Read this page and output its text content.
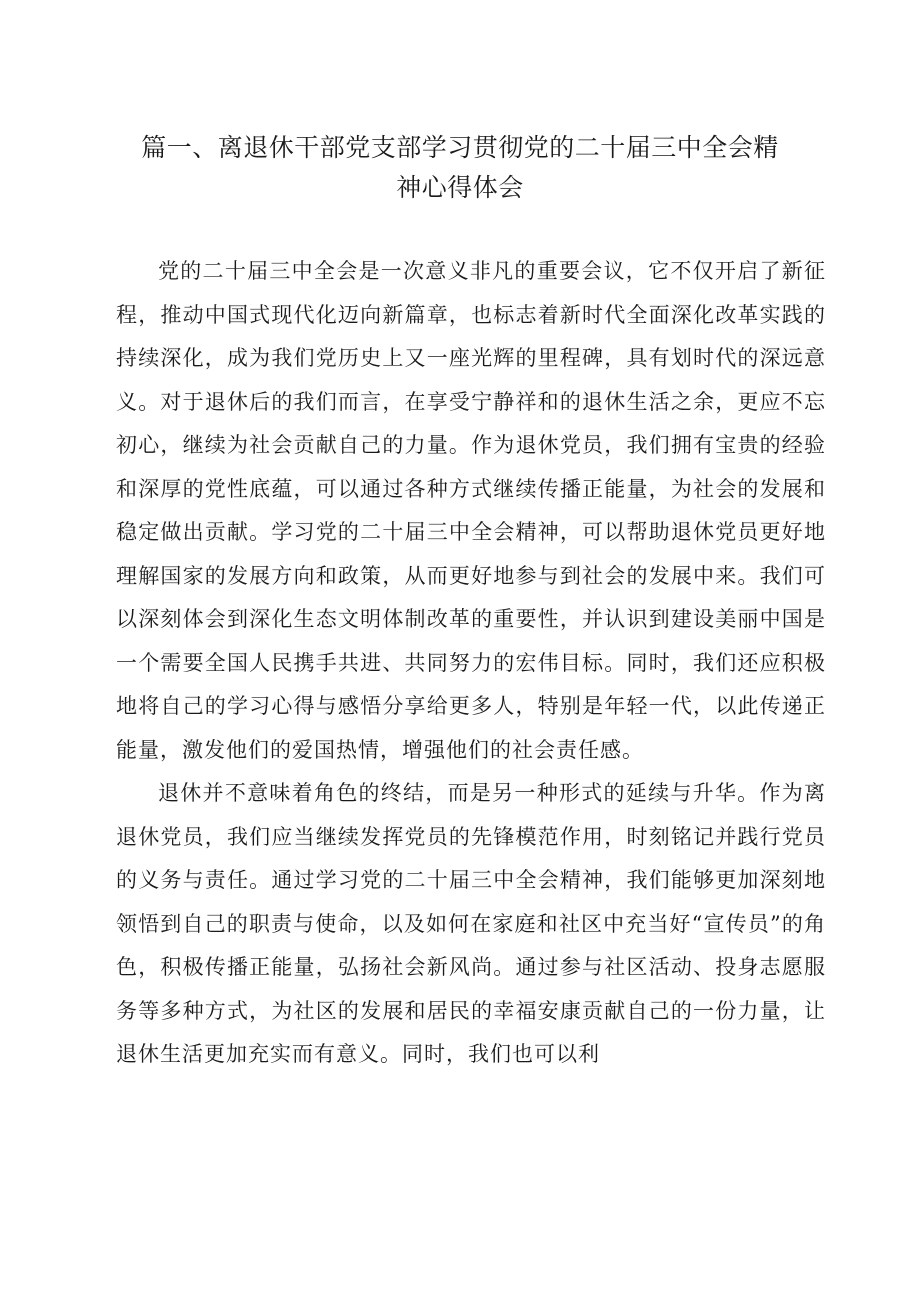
篇一、离退休干部党支部学习贯彻党的二十届三中全会精
神心得体会

党的二十届三中全会是一次意义非凡的重要会议，它不仅开启了新征程，推动中国式现代化迈向新篇章，也标志着新时代全面深化改革实践的持续深化，成为我们党历史上又一座光辉的里程碑，具有划时代的深远意义。对于退休后的我们而言，在享受宁静祥和的退休生活之余，更应不忘初心，继续为社会贡献自己的力量。作为退休党员，我们拥有宝贵的经验和深厚的党性底蕴，可以通过各种方式继续传播正能量，为社会的发展和稳定做出贡献。学习党的二十届三中全会精神，可以帮助退休党员更好地理解国家的发展方向和政策，从而更好地参与到社会的发展中来。我们可以深刻体会到深化生态文明体制改革的重要性，并认识到建设美丽中国是一个需要全国人民携手共进、共同努力的宏伟目标。同时，我们还应积极地将自己的学习心得与感悟分享给更多人，特别是年轻一代，以此传递正能量，激发他们的爱国热情，增强他们的社会责任感。

退休并不意味着角色的终结，而是另一种形式的延续与升华。作为离退休党员，我们应当继续发挥党员的先锋模范作用，时刻铭记并践行党员的义务与责任。通过学习党的二十届三中全会精神，我们能够更加深刻地领悟到自己的职责与使命，以及如何在家庭和社区中充当好“宣传员”的角色，积极传播正能量，弘扬社会新风尚。通过参与社区活动、投身志愿服务等多种方式，为社区的发展和居民的幸福安康贡献自己的一份力量，让退休生活更加充实而有意义。同时，我们也可以利
